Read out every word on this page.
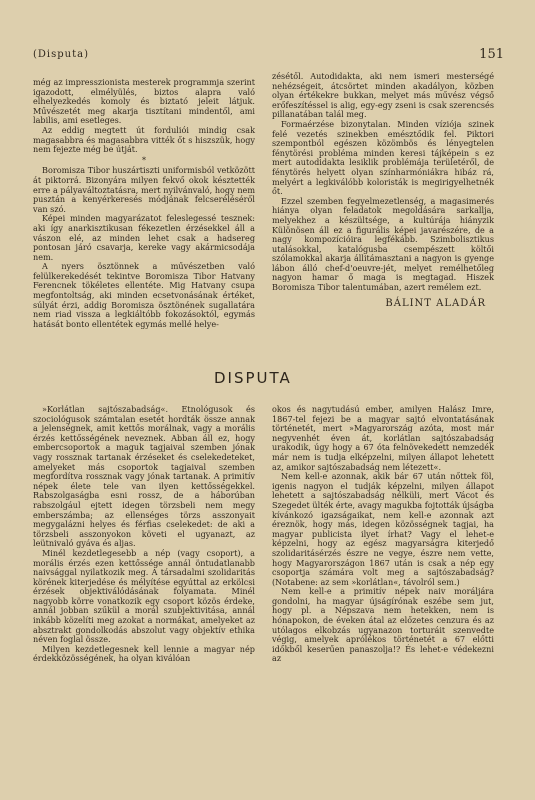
(Disputa)	151

még az impresszionista mesterek programmja szerint igazodott, elmélyülés, biztos alapra való elhelyezkedés komoly és biztató jeleit látjuk. Művészetét meg akarja tisztítani mindentől, ami labilis, ami esetleges.

Az eddig megtett út forduliói mindig csak magasabbra és magasabbra vitték őt s hiszszük, hogy nem fejezte még be útját.

*

Boromisza Tibor huszártiszti uniformisból vetközött át piktorrá. Bizonyára milyen fekvő okok késztették erre a pályaváltoztatásra, mert nyilvánvaló, hogy nem pusztán a kenyérkeresés módjának felcseréléséről van szó.

Képei minden magyarázatot feleslegessé tesznek: aki így anarkisztikusan fékezetlen érzésekkel áll a vászon elé, az minden lehet csak a hadsereg pontosan járó csavarja, kereke vagy akármicsodája nem.

A nyers ösztönnek a művészetben való felülkerekedését tekintve Boromisza Tibor Hatvany Ferencnek tökéletes ellentéte. Mig Hatvany csupa megfontoltság, aki minden ecsetvonásának értéket, súlyát érzi, addig Boromisza ösztönének sugallatára nem riad vissza a legkiáltóbb fokozásoktól, egymás hatását bonto ellentétek egymás mellé helye-

zésétől. Autodidakta, aki nem ismeri mesterségé nehézségeit, átcsörtet minden akadályon, közben olyan értékekre bukkan, melyet más művész végső erőfeszítéssel is alig, egy-egy zseni is csak szerencsés pillanatában talál meg.

Formaérzése bizonytalan. Minden víziója szinek felé vezetés szinekben emésztődik fel. Piktori szempontból egészen közömbös és lényegtelen fénytörési probléma minden keresi tájképein s ez mert autodidakta lesiklik problémája területéről, de fénytörés helyett olyan színharmóniákra hibáz rá, melyért a legkiválóbb koloristák is megirigyelhetnék őt.

Ezzel szemben fegyelmezetlenség, a magasimerés hiánya olyan feladatok megoldására sarkallja, melyekhez a készültsége, a kultúrája hiányzik Különösen áll ez a figurális képei javarészére, de a nagy kompozícióira legfékább. Szimbolisztikus utalásokkal, katalógusba csempészett költői szólamokkal akarja állitámasztani a nagyon is gyenge lábon álló chef-d'oeuvre-jét, melyet remélhetőleg nagyon hamar ő maga is megtagad. Hiszek Boromisza Tibor talentumában, azert remélem ezt.

BÁLINT ALADÁR
DISPUTA

»Korlátlan sajtószabadság«. Etnológusok és szociológusok számtalan esetét hordták össze annak a jelenségnek, amit kettős morálnak, vagy a morális érzés kettősségének neveznek. Abban áll ez, hogy embercsoportok a maguk tagjaival szemben jónak vagy rossznak tartanak érzéseket és cselekedeteket, amelyeket más csoportok tagjaival szemben megfordítva rossznak vagy jónak tartanak. A primitív népek élete tele van ilyen kettősségekkel. Rabszolgaságba esni rossz, de a háborúban rabszolgául ejtett idegen törzsbeli nem megy emberszámba; az ellenséges törzs asszonyait megygalázni helyes és férfias cselekedet: de aki a törzsbeli asszonyokon követi el ugyanazt, az leütnivaló gyáva és aljas.

Minél kezdetlegesebb a nép (vagy csoport), a morális érzés ezen kettőssége annál öntudatlanabb naivsággal nyilatkozik meg. A társadalmi szolidaritás körének kiterjedése és mélyítése egyúttal az erkölcsi érzések objektiválódásának folyamata. Minél nagyobb körre vonatkozik egy csoport közös érdeke, annál jobban szűkül a morál szubjektivitása, annál inkább közelíti meg azokat a normákat, amelyeket az absztrakt gondolkodás abszolut vagy objektív ethika néven foglal össze.

Milyen kezdetlegesnek kell lennie a magyar nép érdekközösségének, ha olyan kiválóan

okos és nagytudású ember, amilyen Halász Imre, 1867-tel fejezi be a magyar sajtó elvontatásának történetét, mert »Magyarország azóta, most már negyvenhét éven át, korlátlan sajtószabadság urakodik, úgy hogy a 67 óta felnövekedett nemzedék már nem is tudja elképzelni, milyen állapot lehetett az, amikor sajtószabadság nem létezett«.

Nem kell-e azonnak, akik bár 67 után nőttek föl, igenis nagyon el tudják képzelni, milyen állapot lehetett a sajtószabadság nélküli, mert Vácot és Szegedet ülték érte, avagy magukba fojtották újságba kívánkozó igazságaikat, nem kell-e azonnak azt éreznök, hogy más, idegen közösségnek tagjai, ha magyar publicista ilyet írhat? Vagy el lehet-e képzelni, hogy az egész magyarságra kiterjedő szolidaritásérzés észre ne vegye, észre nem vette, hogy Magyarországon 1867 után is csak a nép egy csoportja számára volt meg a sajtószabadság? (Notabene: az sem »korlátlan«, távolról sem.)

Nem kell-e a primitív népek naiv moráljára gondolni, ha magyar újságírónak eszébe sem jut, hogy pl. a Népszava nem hetekken, nem is hónapokon, de éveken átal az előzetes cenzura és az utólagos elkobzás ugyanazon torturáit szenvedte végig, amelyek aprólékos történetét a 67 előtti időkből keserűen panaszolja!? És lehet-e védekezni az
